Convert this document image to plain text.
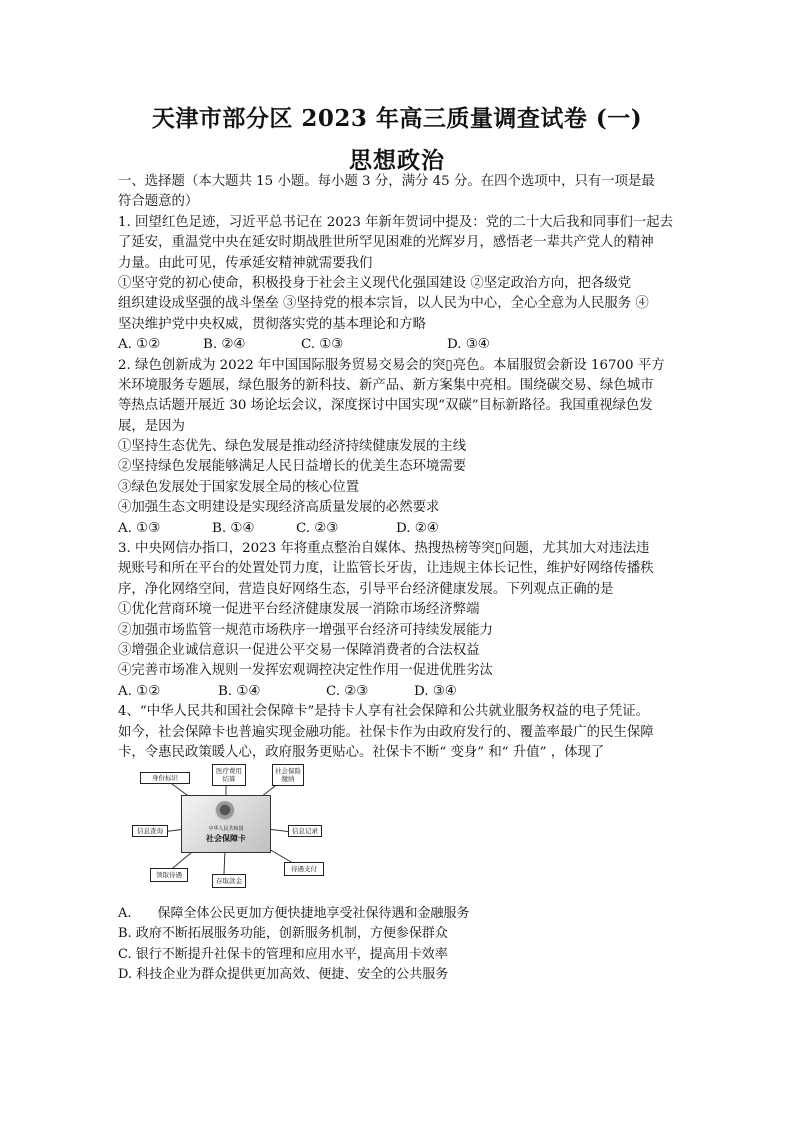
天津市部分区 2023 年高三质量调查试卷 (一)
思想政治
一、选择题（本大题共 15 小题。每小题 3 分，满分 45 分。在四个选项中，只有一项是最
符合题意的）
1. 回望红色足迹，习近平总书记在 2023 年新年贺词中提及：党的二十大后我和同事们一起去
了延安，重温党中央在延安时期战胜世所罕见困难的光辉岁月，感悟老一辈共产党人的精神
力量。由此可见，传承延安精神就需要我们
①坚守党的初心使命，积极投身于社会主义现代化强国建设 ②坚定政治方向，把各级党
组织建设成坚强的战斗堡垒 ③坚持党的根本宗旨，以人民为中心，全心全意为人民服务 ④
坚决维护党中央权威，贯彻落实党的基本理论和方略
A. ①②	B. ②④	C. ①③	D. ③④
2. 绿色创新成为 2022 年中国国际服务贸易交易会的突▯亮色。本届服贸会新设 16700 平方
米环境服务专题展，绿色服务的新科技、新产品、新方案集中亮相。围绕碳交易、绿色城市
等热点话题开展近 30 场论坛会议，深度探讨中国实现“双碳”目标新路径。我国重视绿色发
展，是因为
①坚持生态优先、绿色发展是推动经济持续健康发展的主线
②坚持绿色发展能够满足人民日益增长的优美生态环境需要
③绿色发展处于国家发展全局的核心位置
④加强生态文明建设是实现经济高质量发展的必然要求
A. ①③	B. ①④	C. ②③	D. ②④
3. 中央网信办指口，2023 年将重点整治自媒体、热搜热榜等突▯问题，尤其加大对违法违
规账号和所在平台的处置处罚力度，让监管长牙齿，让违规主体长记性，维护好网络传播秩
序，净化网络空间，营造良好网络生态，引导平台经济健康发展。下列观点正确的是
①优化营商环境一促进平台经济健康发展一消除市场经济弊端
②加强市场监管一规范市场秩序一增强平台经济可持续发展能力
③增强企业诚信意识一促进公平交易一保障消费者的合法权益
④完善市场准入规则一发挥宏观调控决定性作用一促进优胜劣汰
A. ①②	B. ①④	C. ②③	D. ③④
4、“中华人民共和国社会保障卡”是持卡人享有社会保障和公共就业服务权益的电子凭证。
如今，社会保障卡也普遍实现金融功能。社保卡作为由政府发行的、覆盖率最广的民生保障
卡，令惠民政策暖人心，政府服务更贴心。社保卡不断“ 变身” 和“ 升值” ，体现了
中华人民共和国
社会保障卡
身份标识
医疗费用结算
社会保险缴纳
信息查询	信息记录
待遇支付
领取待遇
存取款金
A.　　保障全体公民更加方便快捷地享受社保待遇和金融服务
B. 政府不断拓展服务功能，创新服务机制，方便参保群众
C. 银行不断提升社保卡的管理和应用水平，提高用卡效率
D. 科技企业为群众提供更加高效、便捷、安全的公共服务
